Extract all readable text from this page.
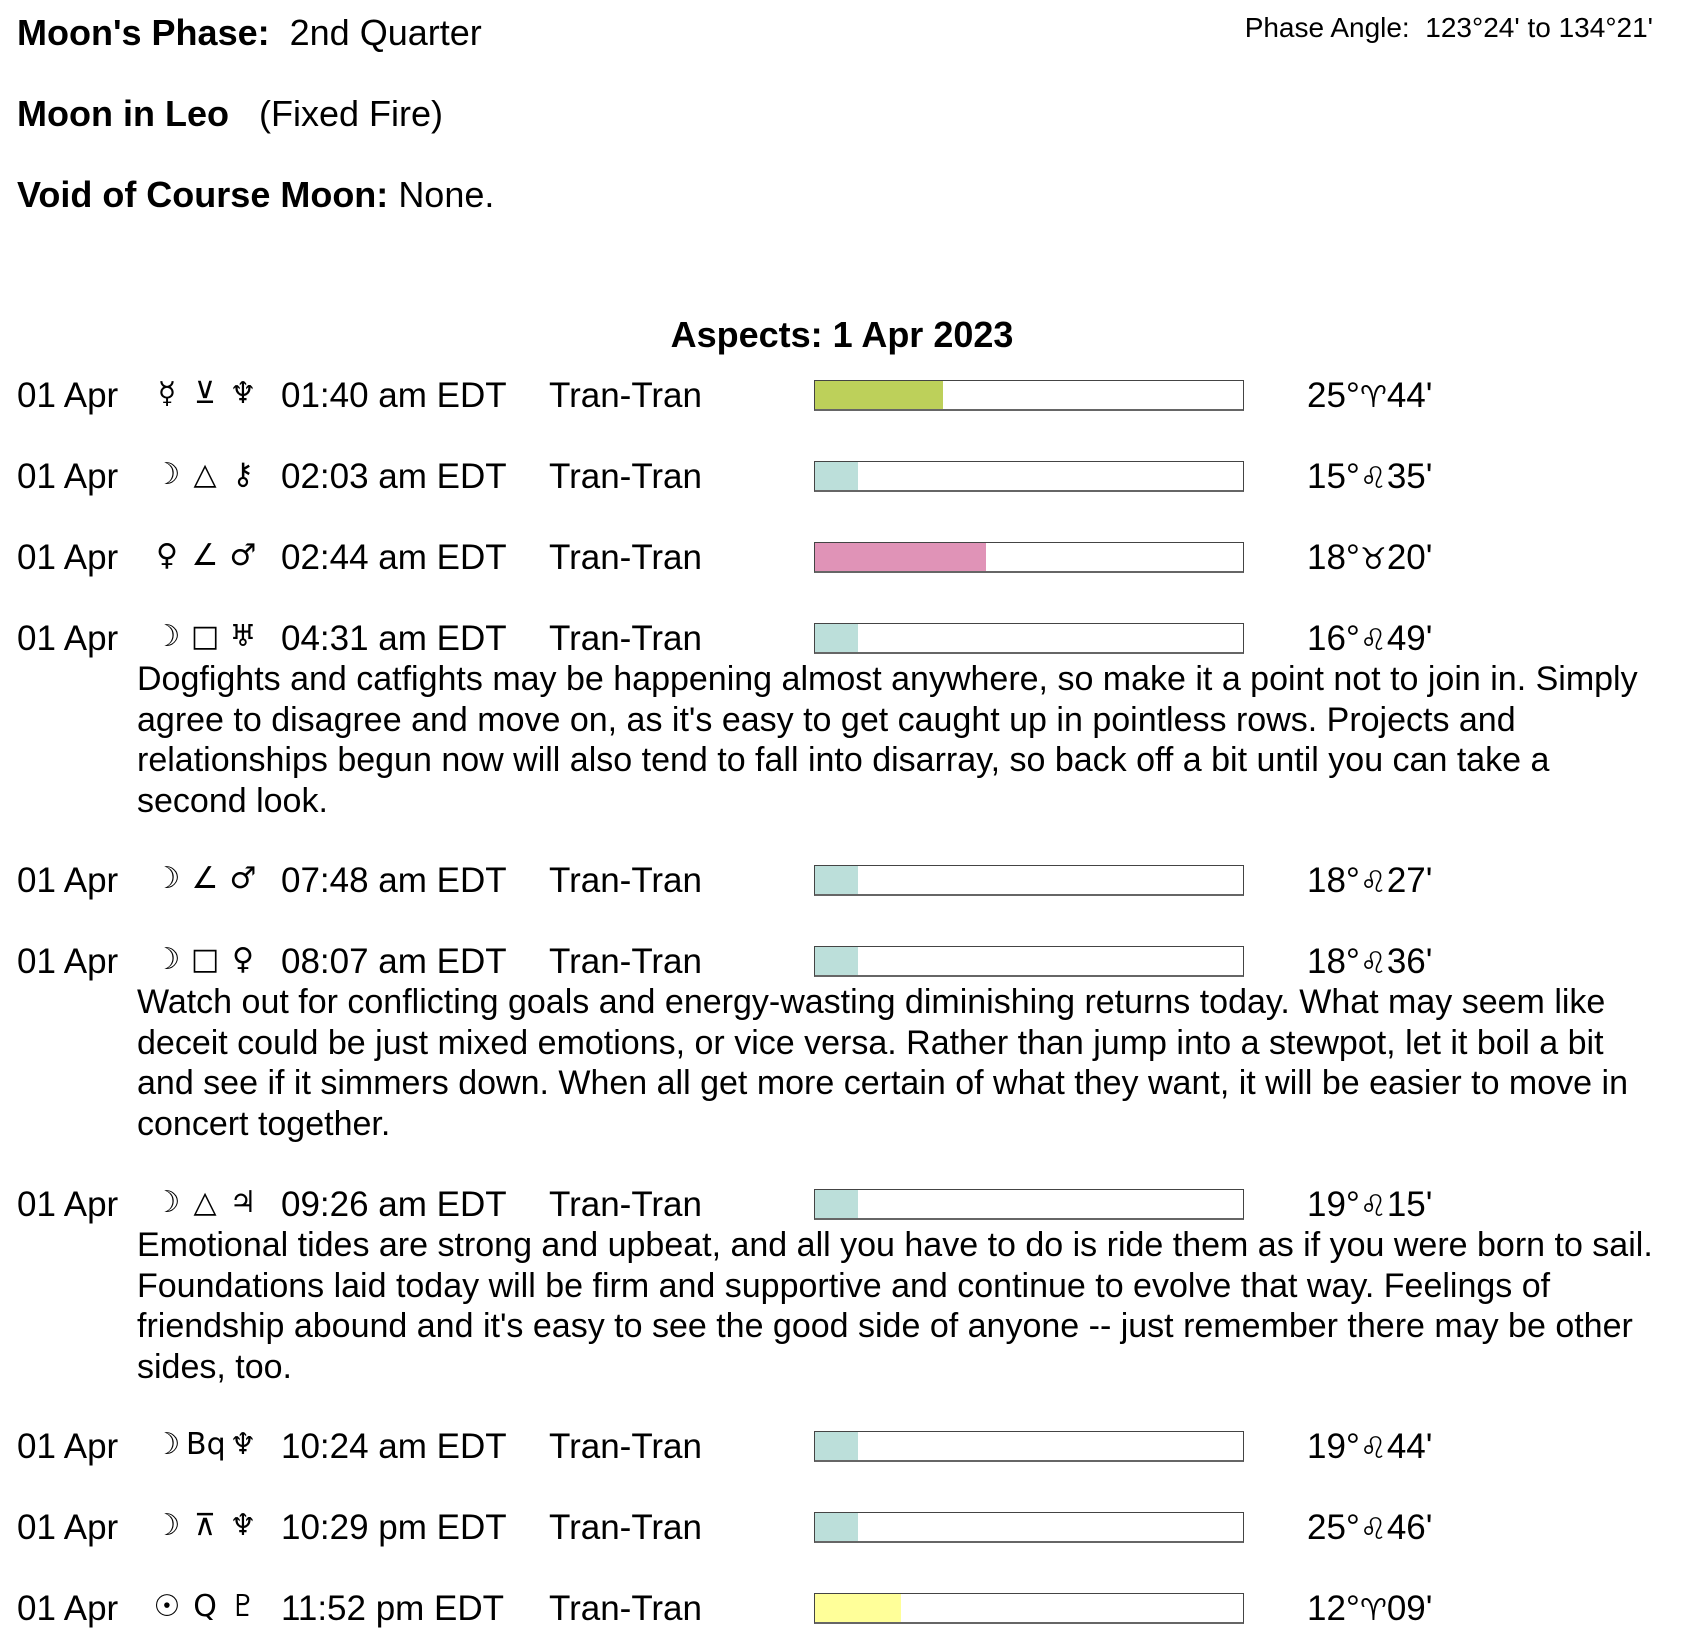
Moon's Phase: 2nd Quarter	Phase Angle: 123°24' to 134°21'
Moon in Leo (Fixed Fire)
Void of Course Moon: None.
Aspects: 1 Apr 2023
01 Apr	☿ ⊻ ♆ 01:40 am EDT Tran-Tran	25°♈44'
01 Apr ☽ △ ⚷ 02:03 am EDT Tran-Tran	15°♌35'
01 Apr ♀ ∠ ♂ 02:44 am EDT Tran-Tran	18°♉20'
01 Apr ☽ □ ♅ 04:31 am EDT Tran-Tran	16°♌49'
Dogfights and catfights may be happening almost anywhere, so make it a point not to join in. Simply agree to disagree and move on, as it's easy to get caught up in pointless rows. Projects and relationships begun now will also tend to fall into disarray, so back off a bit until you can take a second look.
01 Apr ☽ ∠ ♂ 07:48 am EDT Tran-Tran	18°♌27'
01 Apr ☽ □ ♀ 08:07 am EDT Tran-Tran	18°♌36'
Watch out for conflicting goals and energy-wasting diminishing returns today. What may seem like deceit could be just mixed emotions, or vice versa. Rather than jump into a stewpot, let it boil a bit and see if it simmers down. When all get more certain of what they want, it will be easier to move in concert together.
01 Apr ☽ △ ♃ 09:26 am EDT Tran-Tran	19°♌15'
Emotional tides are strong and upbeat, and all you have to do is ride them as if you were born to sail. Foundations laid today will be firm and supportive and continue to evolve that way. Feelings of friendship abound and it's easy to see the good side of anyone -- just remember there may be other sides, too.
01 Apr ☽ Bq ♆ 10:24 am EDT Tran-Tran	19°♌44'
01 Apr ☽ ⊼ ♆ 10:29 pm EDT Tran-Tran	25°♌46'
01 Apr ☉ Q ♇ 11:52 pm EDT Tran-Tran	12°♈09'
